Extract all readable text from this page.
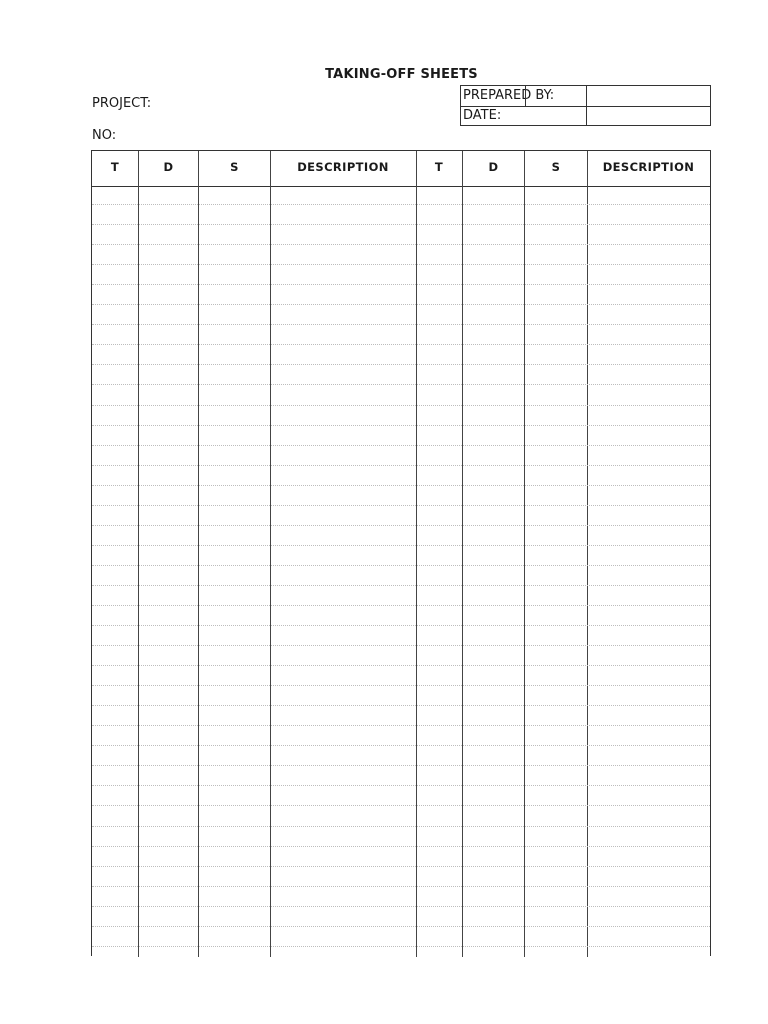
TAKING-OFF SHEETS
PROJECT:
NO:
PREPARED BY:
DATE:
T	D	S	DESCRIPTION	T	D	S	DESCRIPTION
